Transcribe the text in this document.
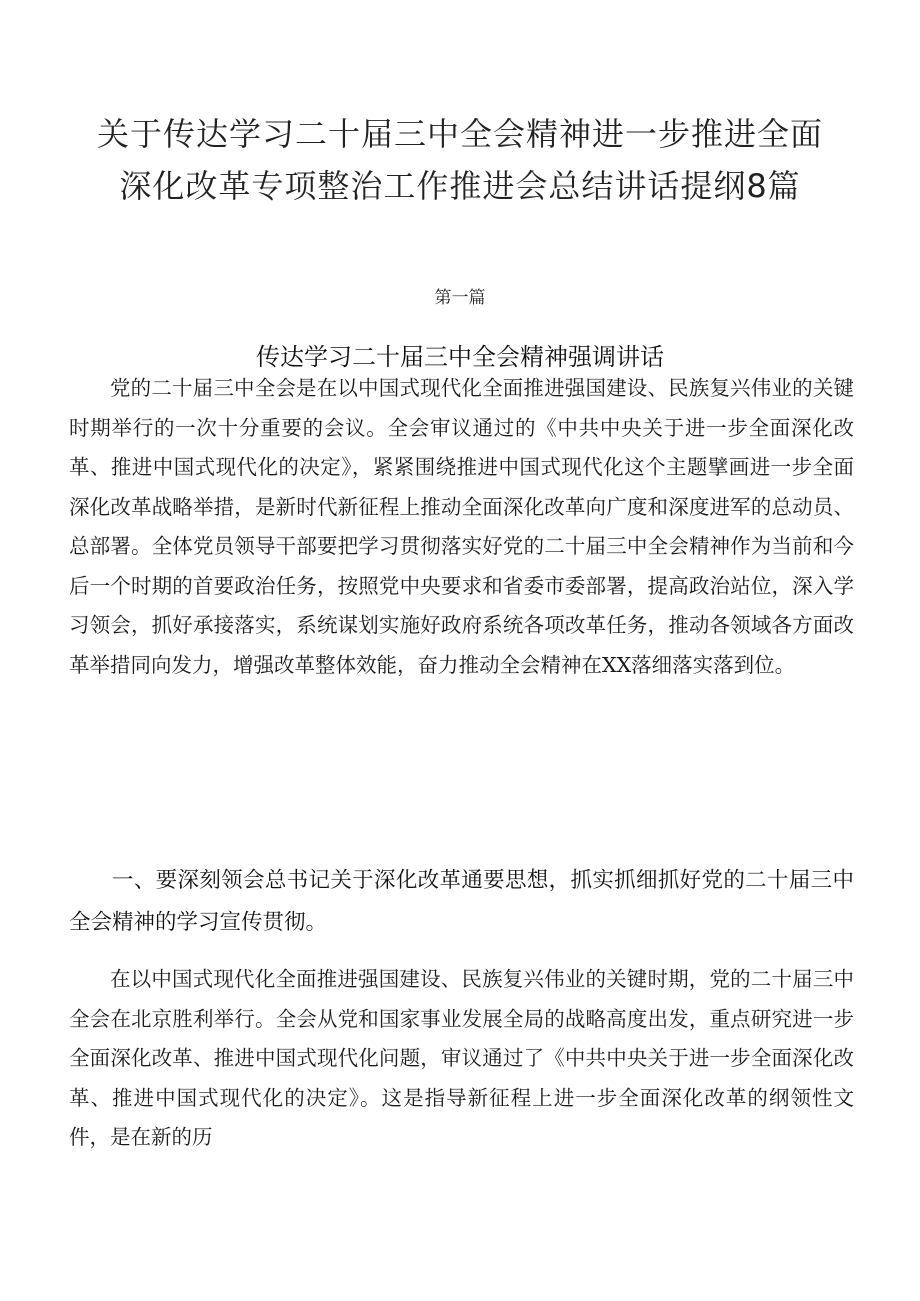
关于传达学习二十届三中全会精神进一步推进全面
深化改革专项整治工作推进会总结讲话提纲8篇
第一篇
传达学习二十届三中全会精神强调讲话

党的二十届三中全会是在以中国式现代化全面推进强国建设、民族复兴伟业的关键时期举行的一次十分重要的会议。全会审议通过的《中共中央关于进一步全面深化改革、推进中国式现代化的决定》，紧紧围绕推进中国式现代化这个主题擘画进一步全面深化改革战略举措，是新时代新征程上推动全面深化改革向广度和深度进军的总动员、总部署。全体党员领导干部要把学习贯彻落实好党的二十届三中全会精神作为当前和今后一个时期的首要政治任务，按照党中央要求和省委市委部署，提高政治站位，深入学习领会，抓好承接落实，系统谋划实施好政府系统各项改革任务，推动各领域各方面改革举措同向发力，增强改革整体效能，奋力推动全会精神在XX落细落实落到位。

一、要深刻领会总书记关于深化改革通要思想，抓实抓细抓好党的二十届三中全会精神的学习宣传贯彻。

在以中国式现代化全面推进强国建设、民族复兴伟业的关键时期，党的二十届三中全会在北京胜利举行。全会从党和国家事业发展全局的战略高度出发，重点研究进一步全面深化改革、推进中国式现代化问题，审议通过了《中共中央关于进一步全面深化改革、推进中国式现代化的决定》。这是指导新征程上进一步全面深化改革的纲领性文件，是在新的历
